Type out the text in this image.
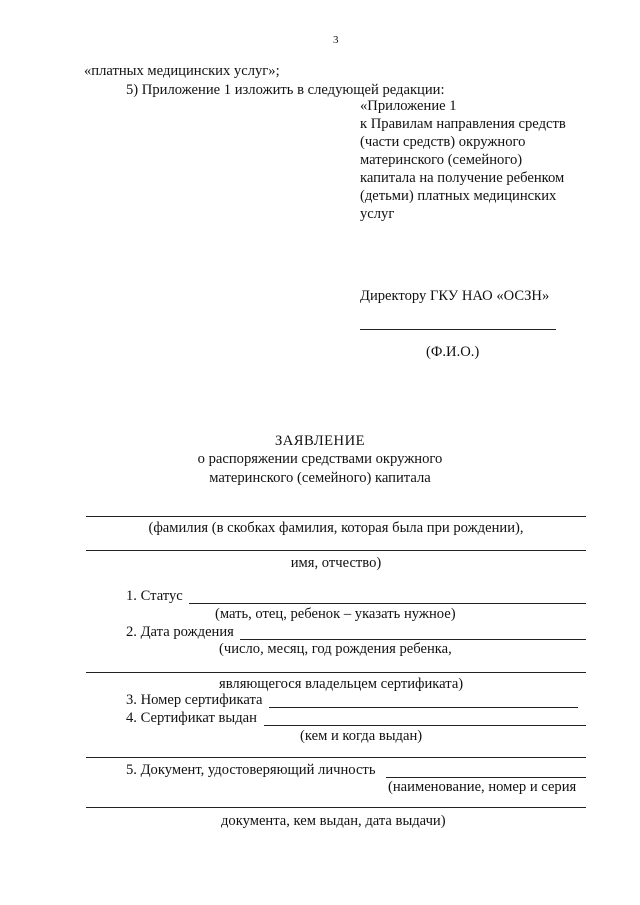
3
«платных медицинских услуг»;
5) Приложение 1 изложить в следующей редакции:
«Приложение 1
к Правилам направления средств
(части средств) окружного
материнского (семейного)
капитала на получение ребенком
(детьми) платных медицинских
услуг
Директору ГКУ НАО «ОСЗН»
(Ф.И.О.)
ЗАЯВЛЕНИЕ
о распоряжении средствами окружного
материнского (семейного) капитала
(фамилия (в скобках фамилия, которая была при рождении),
имя, отчество)
1. Статус
(мать, отец, ребенок – указать нужное)
2. Дата рождения
(число, месяц, год рождения ребенка,
являющегося владельцем сертификата)
3. Номер сертификата
4. Сертификат выдан
(кем и когда выдан)
5. Документ, удостоверяющий личность
(наименование, номер и серия
документа, кем выдан, дата выдачи)
